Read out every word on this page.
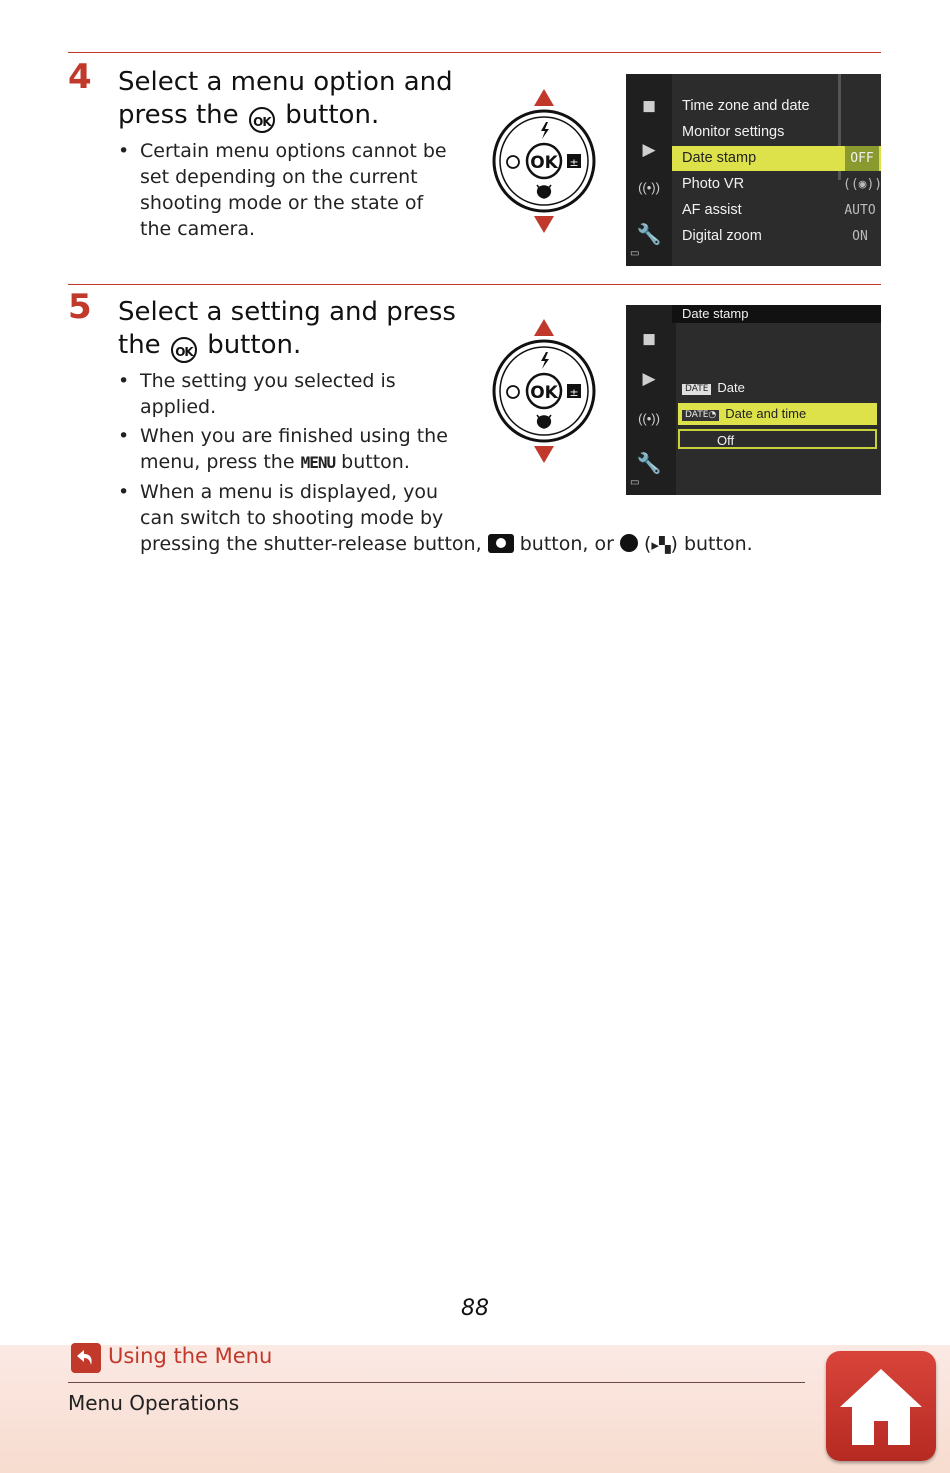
4 Select a menu option and
press the OK button.
• Certain menu options cannot be set depending on the current shooting mode or the state of the camera.
OK ±
◼
▶
((•))
🔧
▭
Time zone and date
Monitor settings
Date stamp	OFF
Photo VR	((◉))
AF assist	AUTO
Digital zoom	ON
5 Select a setting and press
the OK button.
• The setting you selected is applied.
• When you are finished using the menu, press the MENU button.
• When a menu is displayed, you
can switch to shooting mode by
pressing the shutter-release button, button, or  (▸▚) button.
OK ±
◼
▶
((•))
🔧
▭
Date stamp
DATE Date
DATE◔ Date and time
Off
88
Using the Menu
Menu Operations
